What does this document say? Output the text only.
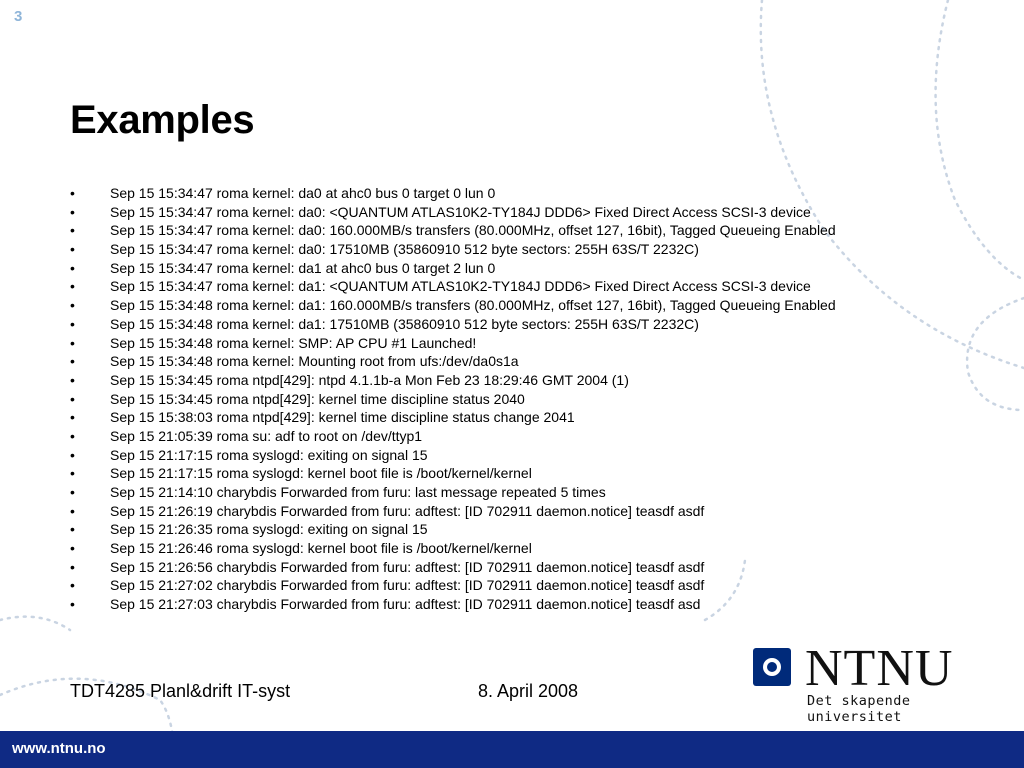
3
Examples
•	Sep 15 15:34:47 roma kernel: da0 at ahc0 bus 0 target 0 lun 0
•	Sep 15 15:34:47 roma kernel: da0: <QUANTUM ATLAS10K2-TY184J DDD6> Fixed Direct Access SCSI-3 device
•	Sep 15 15:34:47 roma kernel: da0: 160.000MB/s transfers (80.000MHz, offset 127, 16bit), Tagged Queueing Enabled
•	Sep 15 15:34:47 roma kernel: da0: 17510MB (35860910 512 byte sectors: 255H 63S/T 2232C)
•	Sep 15 15:34:47 roma kernel: da1 at ahc0 bus 0 target 2 lun 0
•	Sep 15 15:34:47 roma kernel: da1: <QUANTUM ATLAS10K2-TY184J DDD6> Fixed Direct Access SCSI-3 device
•	Sep 15 15:34:48 roma kernel: da1: 160.000MB/s transfers (80.000MHz, offset 127, 16bit), Tagged Queueing Enabled
•	Sep 15 15:34:48 roma kernel: da1: 17510MB (35860910 512 byte sectors: 255H 63S/T 2232C)
•	Sep 15 15:34:48 roma kernel: SMP: AP CPU #1 Launched!
•	Sep 15 15:34:48 roma kernel: Mounting root from ufs:/dev/da0s1a
•	Sep 15 15:34:45 roma ntpd[429]: ntpd 4.1.1b-a Mon Feb 23 18:29:46 GMT 2004 (1)
•	Sep 15 15:34:45 roma ntpd[429]: kernel time discipline status 2040
•	Sep 15 15:38:03 roma ntpd[429]: kernel time discipline status change 2041
•	Sep 15 21:05:39 roma su: adf to root on /dev/ttyp1
•	Sep 15 21:17:15 roma syslogd: exiting on signal 15
•	Sep 15 21:17:15 roma syslogd: kernel boot file is /boot/kernel/kernel
•	Sep 15 21:14:10 charybdis Forwarded from furu: last message repeated 5 times
•	Sep 15 21:26:19 charybdis Forwarded from furu: adftest: [ID 702911 daemon.notice] teasdf asdf
•	Sep 15 21:26:35 roma syslogd: exiting on signal 15
•	Sep 15 21:26:46 roma syslogd: kernel boot file is /boot/kernel/kernel
•	Sep 15 21:26:56 charybdis Forwarded from furu: adftest: [ID 702911 daemon.notice] teasdf asdf
•	Sep 15 21:27:02 charybdis Forwarded from furu: adftest: [ID 702911 daemon.notice] teasdf asdf
•	Sep 15 21:27:03 charybdis Forwarded from furu: adftest: [ID 702911 daemon.notice] teasdf asd
TDT4285 Planl&drift IT-syst	8. April 2008	NTNU
Det skapende universitet
www.ntnu.no
